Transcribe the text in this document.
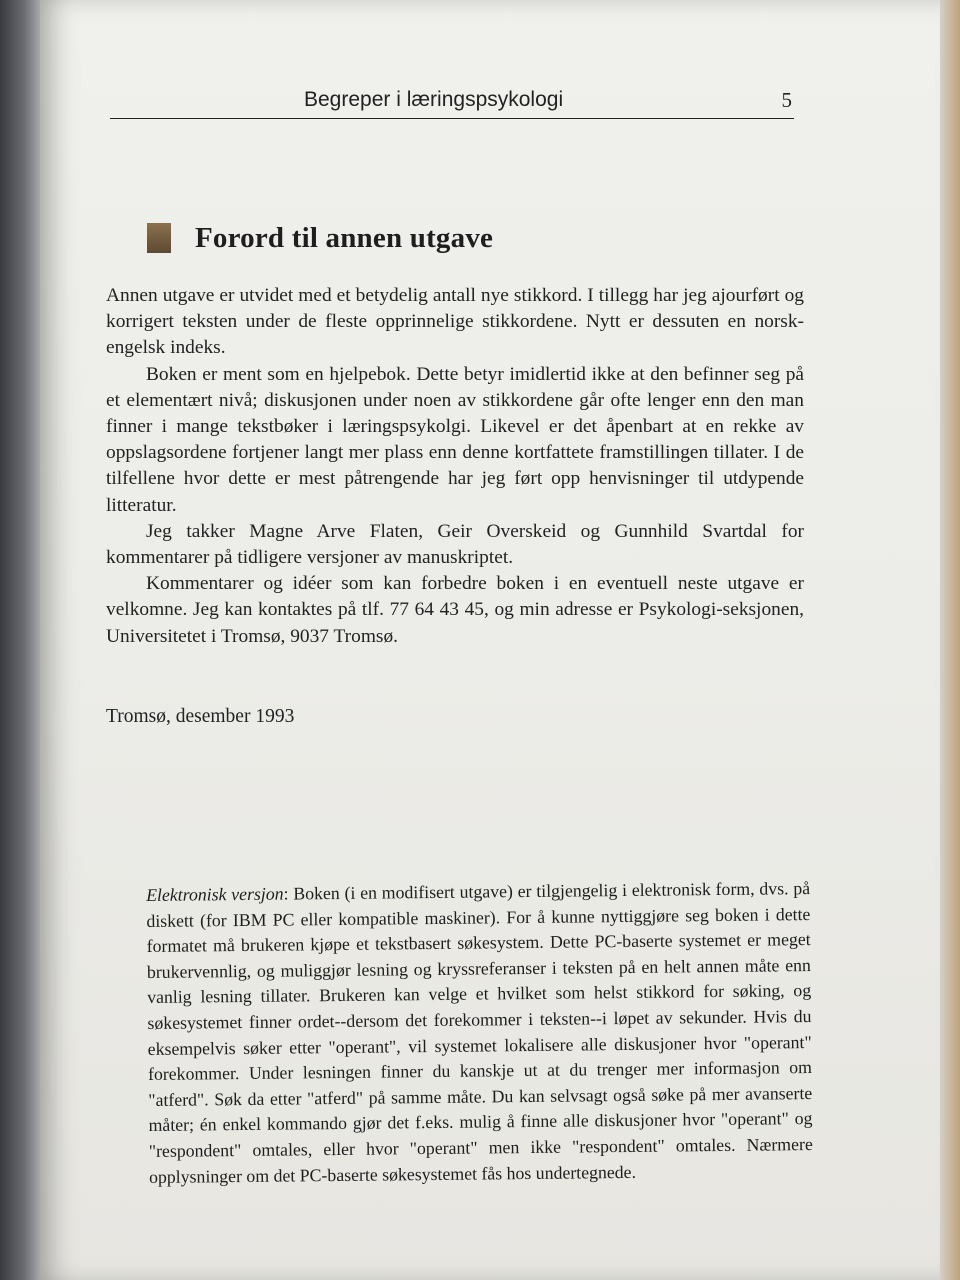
Begreper i læringspsykologi	5
Forord til annen utgave

Annen utgave er utvidet med et betydelig antall nye stikkord. I tillegg har jeg ajourført og korrigert teksten under de fleste opprinnelige stikkordene. Nytt er dessuten en norsk-engelsk indeks.

Boken er ment som en hjelpebok. Dette betyr imidlertid ikke at den befinner seg på et elementært nivå; diskusjonen under noen av stikkordene går ofte lenger enn den man finner i mange tekstbøker i læringspsykolgi. Likevel er det åpenbart at en rekke av oppslagsordene fortjener langt mer plass enn denne kortfattete framstillingen tillater. I de tilfellene hvor dette er mest påtrengende har jeg ført opp henvisninger til utdypende litteratur.

Jeg takker Magne Arve Flaten, Geir Overskeid og Gunnhild Svartdal for kommentarer på tidligere versjoner av manuskriptet.

Kommentarer og idéer som kan forbedre boken i en eventuell neste utgave er velkomne. Jeg kan kontaktes på tlf. 77 64 43 45, og min adresse er Psykologi-seksjonen, Universitetet i Tromsø, 9037 Tromsø.

Tromsø, desember 1993
Elektronisk versjon: Boken (i en modifisert utgave) er tilgjengelig i elektronisk form, dvs. på diskett (for IBM PC eller kompatible maskiner). For å kunne nyttiggjøre seg boken i dette formatet må brukeren kjøpe et tekstbasert søkesystem. Dette PC-baserte systemet er meget brukervennlig, og muliggjør lesning og kryssreferanser i teksten på en helt annen måte enn vanlig lesning tillater. Brukeren kan velge et hvilket som helst stikkord for søking, og søkesystemet finner ordet--dersom det forekommer i teksten--i løpet av sekunder. Hvis du eksempelvis søker etter "operant", vil systemet lokalisere alle diskusjoner hvor "operant" forekommer. Under lesningen finner du kanskje ut at du trenger mer informasjon om "atferd". Søk da etter "atferd" på samme måte. Du kan selvsagt også søke på mer avanserte måter; én enkel kommando gjør det f.eks. mulig å finne alle diskusjoner hvor "operant" og "respondent" omtales, eller hvor "operant" men ikke "respondent" omtales. Nærmere opplysninger om det PC-baserte søkesystemet fås hos undertegnede.
